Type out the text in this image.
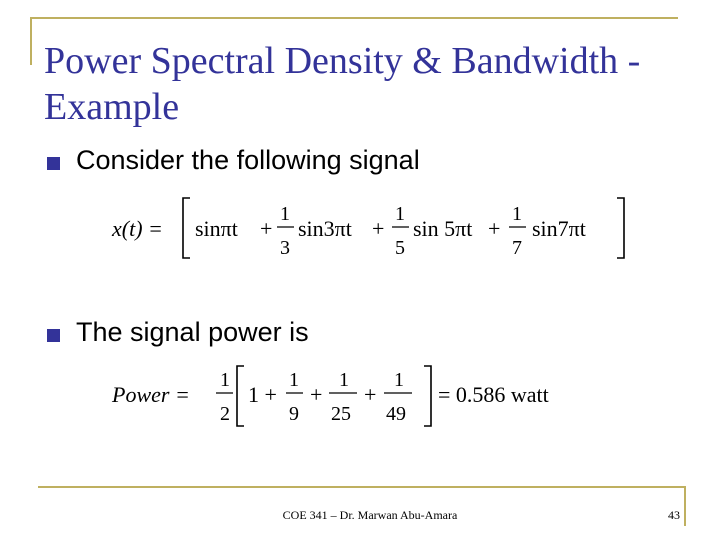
Power Spectral Density & Bandwidth - Example
Consider the following signal
x(t) = sinπt +
1
3
sin3πt +
1
5
sin 5πt +
1
7
sin7πt
The signal power is
Power =
1
2
1 +
1
9
+
1
25
+
1
49
= 0.586 watt
COE 341 – Dr. Marwan Abu-Amara	43
